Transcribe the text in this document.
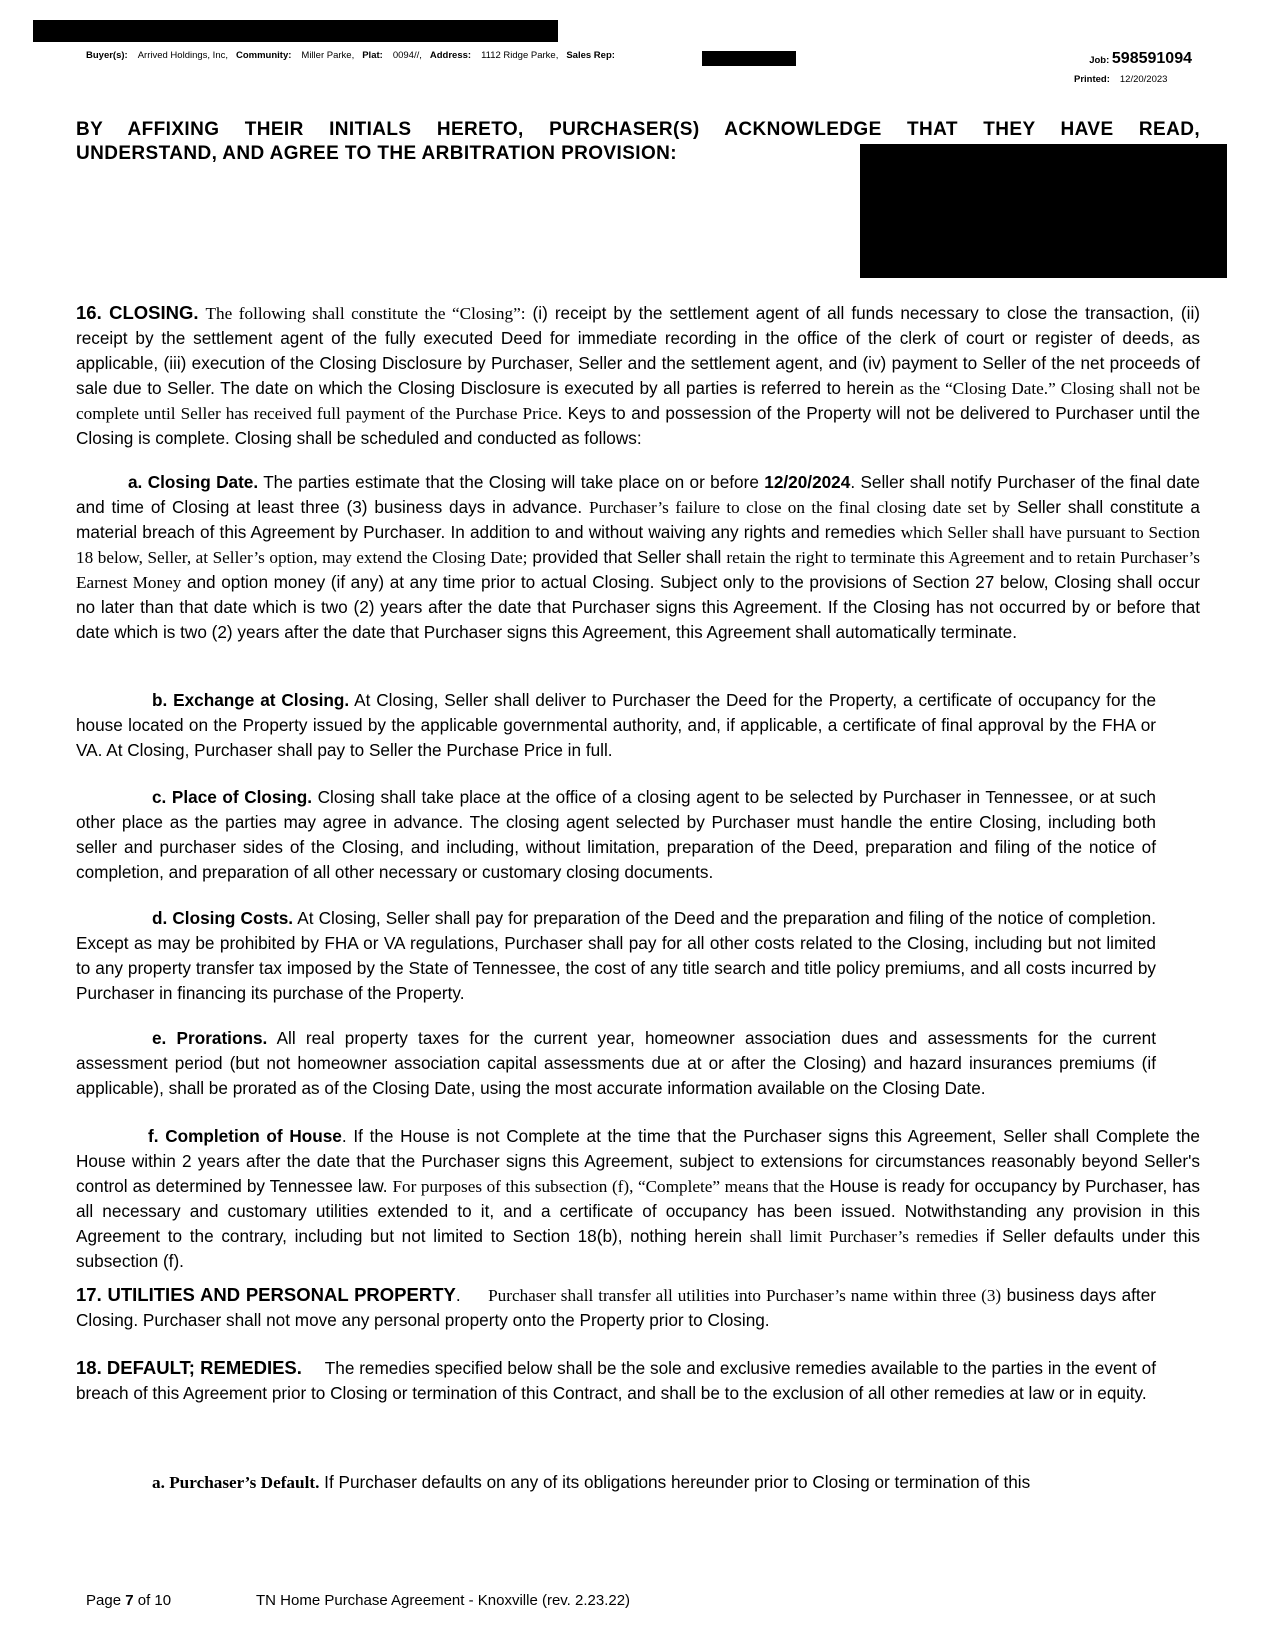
Buyer(s): Arrived Holdings, Inc, Community: Miller Parke, Plat: 0094//, Address: 1112 Ridge Parke, Sales Rep:	Job: 598591094
Printed: 12/20/2023
BY AFFIXING THEIR INITIALS HERETO, PURCHASER(S) ACKNOWLEDGE THAT THEY HAVE READ,
UNDERSTAND, AND AGREE TO THE ARBITRATION PROVISION:
16. CLOSING. The following shall constitute the “Closing”: (i) receipt by the settlement agent of all funds necessary to close the transaction, (ii) receipt by the settlement agent of the fully executed Deed for immediate recording in the office of the clerk of court or register of deeds, as applicable, (iii) execution of the Closing Disclosure by Purchaser, Seller and the settlement agent, and (iv) payment to Seller of the net proceeds of sale due to Seller. The date on which the Closing Disclosure is executed by all parties is referred to herein as the “Closing Date.” Closing shall not be complete until Seller has received full payment of the Purchase Price. Keys to and possession of the Property will not be delivered to Purchaser until the Closing is complete. Closing shall be scheduled and conducted as follows:
a. Closing Date. The parties estimate that the Closing will take place on or before 12/20/2024. Seller shall notify Purchaser of the final date and time of Closing at least three (3) business days in advance. Purchaser’s failure to close on the final closing date set by Seller shall constitute a material breach of this Agreement by Purchaser. In addition to and without waiving any rights and remedies which Seller shall have pursuant to Section 18 below, Seller, at Seller’s option, may extend the Closing Date; provided that Seller shall retain the right to terminate this Agreement and to retain Purchaser’s Earnest Money and option money (if any) at any time prior to actual Closing. Subject only to the provisions of Section 27 below, Closing shall occur no later than that date which is two (2) years after the date that Purchaser signs this Agreement. If the Closing has not occurred by or before that date which is two (2) years after the date that Purchaser signs this Agreement, this Agreement shall automatically terminate.
b. Exchange at Closing. At Closing, Seller shall deliver to Purchaser the Deed for the Property, a certificate of occupancy for the house located on the Property issued by the applicable governmental authority, and, if applicable, a certificate of final approval by the FHA or VA. At Closing, Purchaser shall pay to Seller the Purchase Price in full.
c. Place of Closing. Closing shall take place at the office of a closing agent to be selected by Purchaser in Tennessee, or at such other place as the parties may agree in advance. The closing agent selected by Purchaser must handle the entire Closing, including both seller and purchaser sides of the Closing, and including, without limitation, preparation of the Deed, preparation and filing of the notice of completion, and preparation of all other necessary or customary closing documents.
d. Closing Costs. At Closing, Seller shall pay for preparation of the Deed and the preparation and filing of the notice of completion. Except as may be prohibited by FHA or VA regulations, Purchaser shall pay for all other costs related to the Closing, including but not limited to any property transfer tax imposed by the State of Tennessee, the cost of any title search and title policy premiums, and all costs incurred by Purchaser in financing its purchase of the Property.
e. Prorations. All real property taxes for the current year, homeowner association dues and assessments for the current assessment period (but not homeowner association capital assessments due at or after the Closing) and hazard insurances premiums (if applicable), shall be prorated as of the Closing Date, using the most accurate information available on the Closing Date.
f. Completion of House. If the House is not Complete at the time that the Purchaser signs this Agreement, Seller shall Complete the House within 2 years after the date that the Purchaser signs this Agreement, subject to extensions for circumstances reasonably beyond Seller's control as determined by Tennessee law. For purposes of this subsection (f), “Complete” means that the House is ready for occupancy by Purchaser, has all necessary and customary utilities extended to it, and a certificate of occupancy has been issued. Notwithstanding any provision in this Agreement to the contrary, including but not limited to Section 18(b), nothing herein shall limit Purchaser’s remedies if Seller defaults under this subsection (f).
17. UTILITIES AND PERSONAL PROPERTY. Purchaser shall transfer all utilities into Purchaser’s name within three (3) business days after Closing. Purchaser shall not move any personal property onto the Property prior to Closing.
18. DEFAULT; REMEDIES. The remedies specified below shall be the sole and exclusive remedies available to the parties in the event of breach of this Agreement prior to Closing or termination of this Contract, and shall be to the exclusion of all other remedies at law or in equity.
a. Purchaser’s Default. If Purchaser defaults on any of its obligations hereunder prior to Closing or termination of this
Page 7 of 10	TN Home Purchase Agreement - Knoxville (rev. 2.23.22)
